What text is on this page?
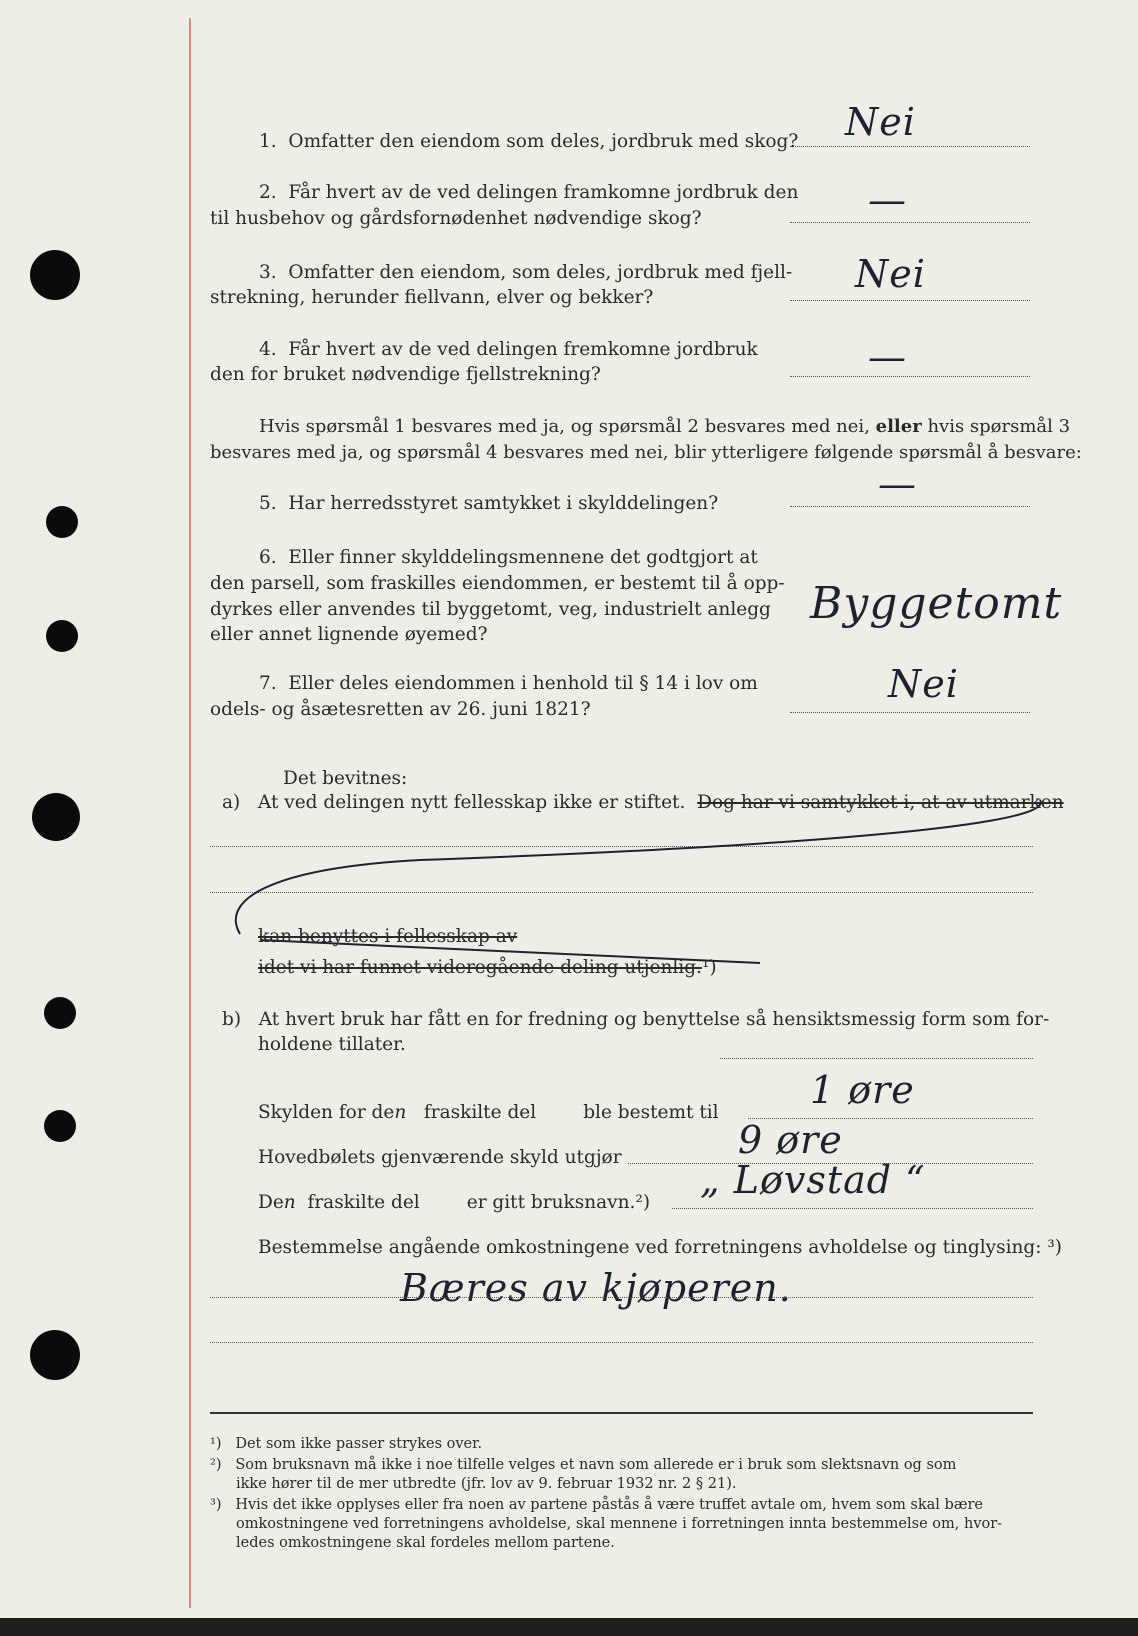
1. Omfatter den eiendom som deles, jordbruk med skog? Nei
2. Får hvert av de ved delingen framkomne jordbruk den
til husbehov og gårdsfornødenhet nødvendige skog?	—
3. Omfatter den eiendom, som deles, jordbruk med fjell-
strekning, herunder fiellvann, elver og bekker?
Nei
4. Får hvert av de ved delingen fremkomne jordbruk
den for bruket nødvendige fjellstrekning?	—
Hvis spørsmål 1 besvares med ja, og spørsmål 2 besvares med nei, eller hvis spørsmål 3
besvares med ja, og spørsmål 4 besvares med nei, blir ytterligere følgende spørsmål å besvare:
5. Har herredsstyret samtykket i skylddelingen?	—
6. Eller finner skylddelingsmennene det godtgjort at
den parsell, som fraskilles eiendommen, er bestemt til å opp-
dyrkes eller anvendes til byggetomt, veg, industrielt anlegg
eller annet lignende øyemed?
Byggetomt
7. Eller deles eiendommen i henhold til § 14 i lov om
odels- og åsætesretten av 26. juni 1821?
Nei
Det bevitnes:
a) At ved delingen nytt fellesskap ikke er stiftet. Dog har vi samtykket i, at av utmarken
kan benyttes i fellesskap av
idet vi har funnet videregående deling utjenlig.¹)
b) At hvert bruk har fått en for fredning og benyttelse så hensiktsmessig form som for-
holdene tillater.
Skylden for den fraskilte del	ble bestemt til
1 øre
Hovedbølets gjenværende skyld utgjør	9 øre
Den fraskilte del	er gitt bruksnavn.²)
„ Løvstad “
Bestemmelse angående omkostningene ved forretningens avholdelse og tinglysing: ³)
Bæres av kjøperen.
¹) Det som ikke passer strykes over.
²) Som bruksnavn må ikke i noe tilfelle velges et navn som allerede er i bruk som slektsnavn og som
ikke hører til de mer utbredte (jfr. lov av 9. februar 1932 nr. 2 § 21).
³) Hvis det ikke opplyses eller fra noen av partene påstås å være truffet avtale om, hvem som skal bære
omkostningene ved forretningens avholdelse, skal mennene i forretningen innta bestemmelse om, hvor-
ledes omkostningene skal fordeles mellom partene.
